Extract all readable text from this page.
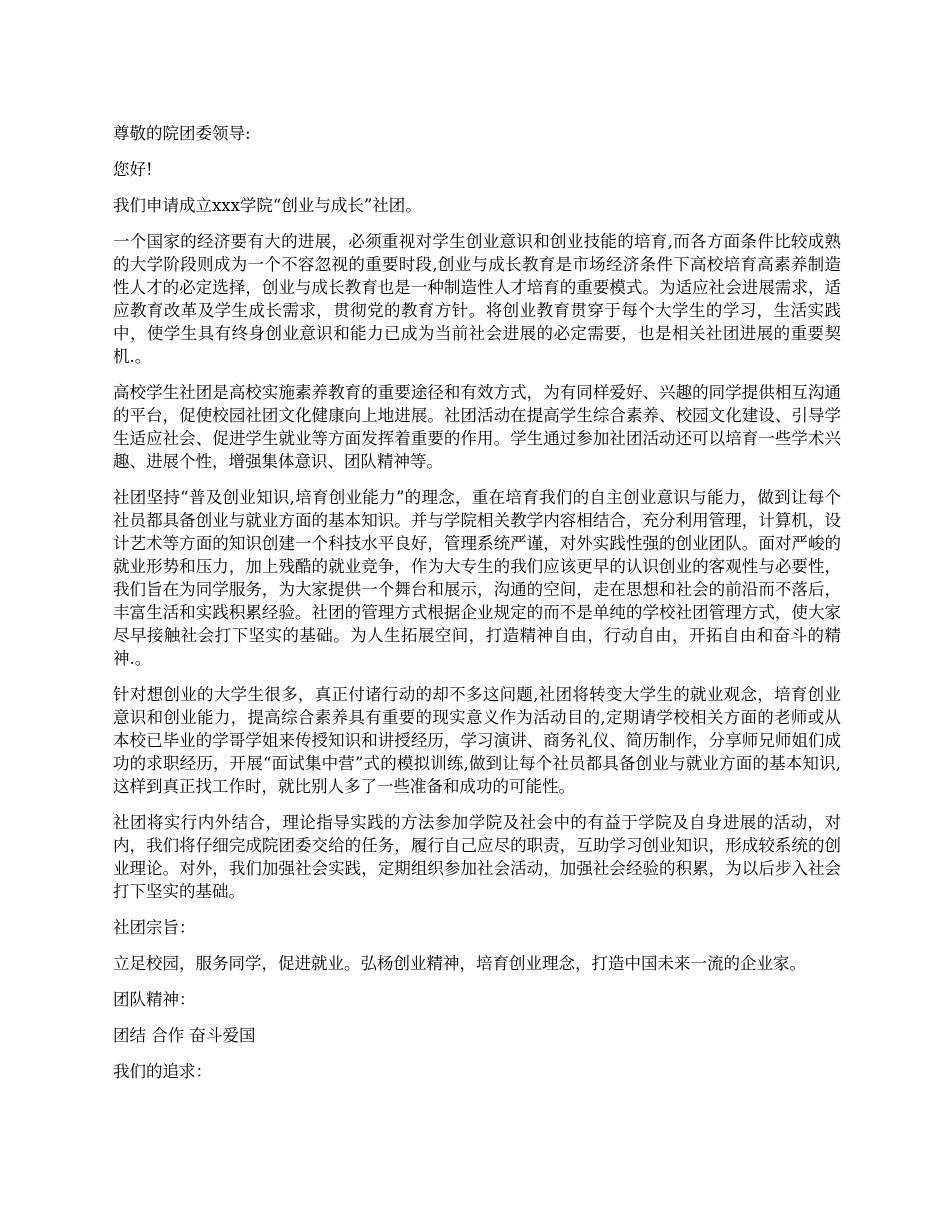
尊敬的院团委领导:

您好!

我们申请成立xxx学院“创业与成长”社团。

一个国家的经济要有大的进展，必须重视对学生创业意识和创业技能的培育,而各方面条件比较成熟的大学阶段则成为一个不容忽视的重要时段,创业与成长教育是市场经济条件下高校培育高素养制造性人才的必定选择，创业与成长教育也是一种制造性人才培育的重要模式。为适应社会进展需求，适应教育改革及学生成长需求，贯彻党的教育方针。将创业教育贯穿于每个大学生的学习，生活实践中，使学生具有终身创业意识和能力已成为当前社会进展的必定需要，也是相关社团进展的重要契机.。

高校学生社团是高校实施素养教育的重要途径和有效方式，为有同样爱好、兴趣的同学提供相互沟通的平台，促使校园社团文化健康向上地进展。社团活动在提高学生综合素养、校园文化建设、引导学生适应社会、促进学生就业等方面发挥着重要的作用。学生通过参加社团活动还可以培育一些学术兴趣、进展个性，增强集体意识、团队精神等。

社团坚持“普及创业知识,培育创业能力”的理念，重在培育我们的自主创业意识与能力，做到让每个社员都具备创业与就业方面的基本知识。并与学院相关教学内容相结合，充分利用管理，计算机，设计艺术等方面的知识创建一个科技水平良好，管理系统严谨，对外实践性强的创业团队。面对严峻的就业形势和压力，加上残酷的就业竞争，作为大专生的我们应该更早的认识创业的客观性与必要性，我们旨在为同学服务，为大家提供一个舞台和展示，沟通的空间，走在思想和社会的前沿而不落后，丰富生活和实践积累经验。社团的管理方式根据企业规定的而不是单纯的学校社团管理方式，使大家尽早接触社会打下坚实的基础。为人生拓展空间，打造精神自由，行动自由，开拓自由和奋斗的精神.。

针对想创业的大学生很多，真正付诸行动的却不多这问题,社团将转变大学生的就业观念，培育创业意识和创业能力，提高综合素养具有重要的现实意义作为活动目的,定期请学校相关方面的老师或从本校已毕业的学哥学姐来传授知识和讲授经历，学习演讲、商务礼仪、简历制作，分享师兄师姐们成功的求职经历，开展“面试集中营”式的模拟训练,做到让每个社员都具备创业与就业方面的基本知识,这样到真正找工作时，就比别人多了一些准备和成功的可能性。

社团将实行内外结合，理论指导实践的方法参加学院及社会中的有益于学院及自身进展的活动，对内，我们将仔细完成院团委交给的任务，履行自己应尽的职责，互助学习创业知识，形成较系统的创业理论。对外，我们加强社会实践，定期组织参加社会活动，加强社会经验的积累，为以后步入社会打下坚实的基础。

社团宗旨：

立足校园，服务同学，促进就业。弘杨创业精神，培育创业理念，打造中国未来一流的企业家。

团队精神：

团结 合作 奋斗爱国

我们的追求：
